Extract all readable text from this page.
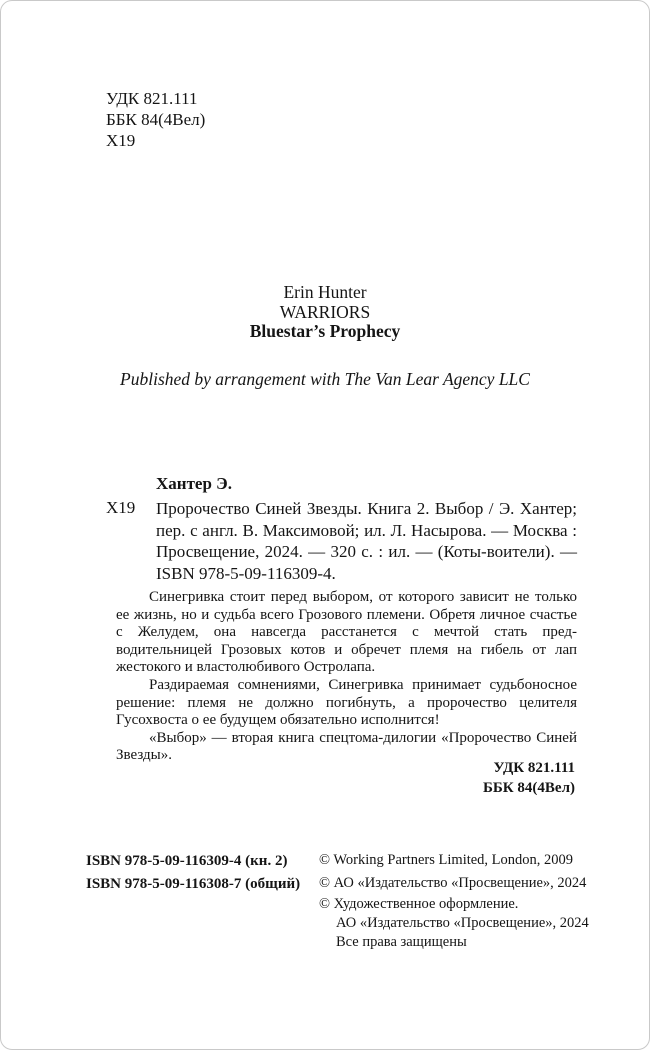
УДК 821.111
ББК 84(4Вел)
Х19
Erin Hunter
WARRIORS
Bluestar’s Prophecy
Published by arrangement with The Van Lear Agency LLC
Хантер Э.
Х19 Пророчество Синей Звезды. Книга 2. Выбор / Э. Хантер; пер. с англ. В. Максимовой; ил. Л. Насырова. — Москва : Просвещение, 2024. — 320 с. : ил. — (Коты-воители). — ISBN 978-5-09-116309-4.

Синегривка стоит перед выбором, от которого зависит не только ее жизнь, но и судьба всего Грозового племени. Обретя личное счастье с Желудем, она навсегда расстанется с мечтой стать предводительницей Грозовых котов и обречет племя на гибель от лап жестокого и властолюбивого Остролапа.

Раздираемая сомнениями, Синегривка принимает судьбоносное решение: племя не должно погибнуть, а пророчество целителя Гусохвоста о ее будущем обязательно исполнится!

«Выбор» — вторая книга спецтома-дилогии «Пророчество Синей Звезды».

УДК 821.111
ББК 84(4Вел)
ISBN 978-5-09-116309-4 (кн. 2)
ISBN 978-5-09-116308-7 (общий)
© Working Partners Limited, London, 2009
© АО «Издательство «Просвещение», 2024
© Художественное оформление.
АО «Издательство «Просвещение», 2024
Все права защищены
